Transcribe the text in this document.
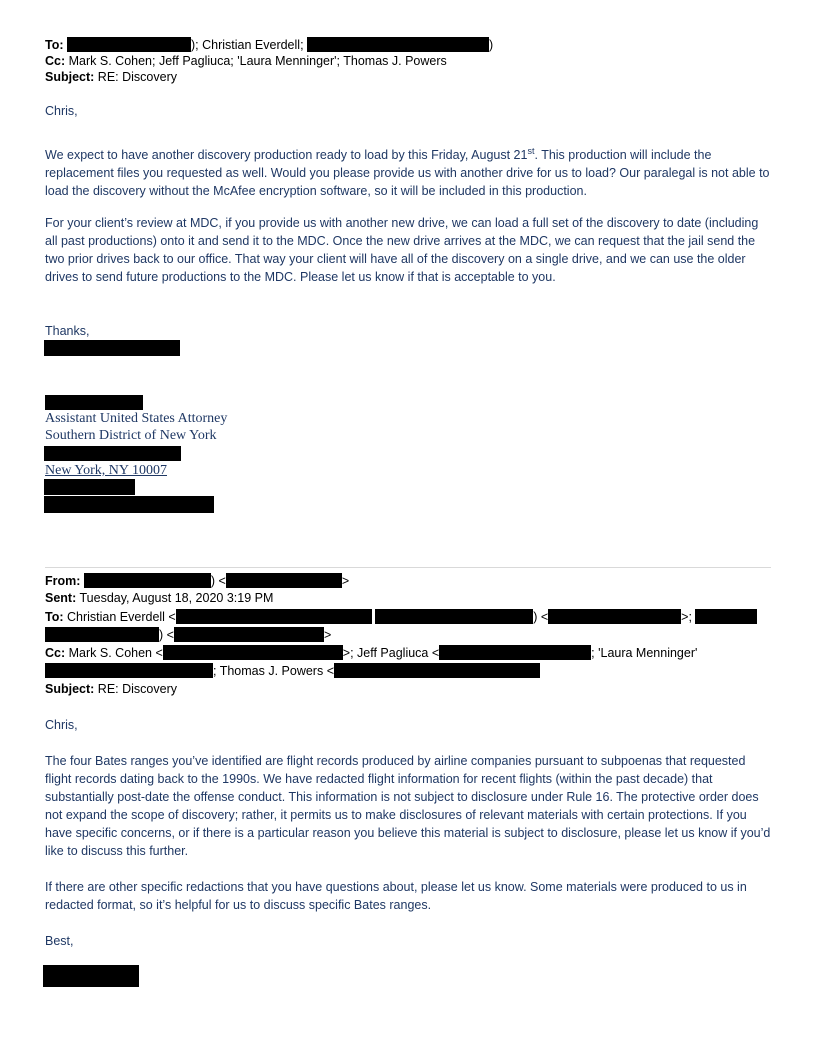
To:	); Christian Everdell;	)
Cc: Mark S. Cohen; Jeff Pagliuca; 'Laura Menninger'; Thomas J. Powers
Subject: RE: Discovery

Chris,

We expect to have another discovery production ready to load by this Friday, August 21st. This production will include the replacement files you requested as well. Would you please provide us with another drive for us to load? Our paralegal is not able to load the discovery without the McAfee encryption software, so it will be included in this production.

For your client’s review at MDC, if you provide us with another new drive, we can load a full set of the discovery to date (including all past productions) onto it and send it to the MDC. Once the new drive arrives at the MDC, we can request that the jail send the two prior drives back to our office. That way your client will have all of the discovery on a single drive, and we can use the older drives to send future productions to the MDC. Please let us know if that is acceptable to you.

Thanks,

Assistant United States Attorney
Southern District of New York
New York, NY 10007
From:	) <	>
Sent: Tuesday, August 18, 2020 3:19 PM
To: Christian Everdell <	) <	>;
) <	>
Cc: Mark S. Cohen <	>; Jeff Pagliuca <	; 'Laura Menninger'
; Thomas J. Powers <
Subject: RE: Discovery

Chris,

The four Bates ranges you’ve identified are flight records produced by airline companies pursuant to subpoenas that requested flight records dating back to the 1990s. We have redacted flight information for recent flights (within the past decade) that substantially post-date the offense conduct. This information is not subject to disclosure under Rule 16. The protective order does not expand the scope of discovery; rather, it permits us to make disclosures of relevant materials with certain protections. If you have specific concerns, or if there is a particular reason you believe this material is subject to disclosure, please let us know if you’d like to discuss this further.

If there are other specific redactions that you have questions about, please let us know. Some materials were produced to us in redacted format, so it’s helpful for us to discuss specific Bates ranges.

Best,
